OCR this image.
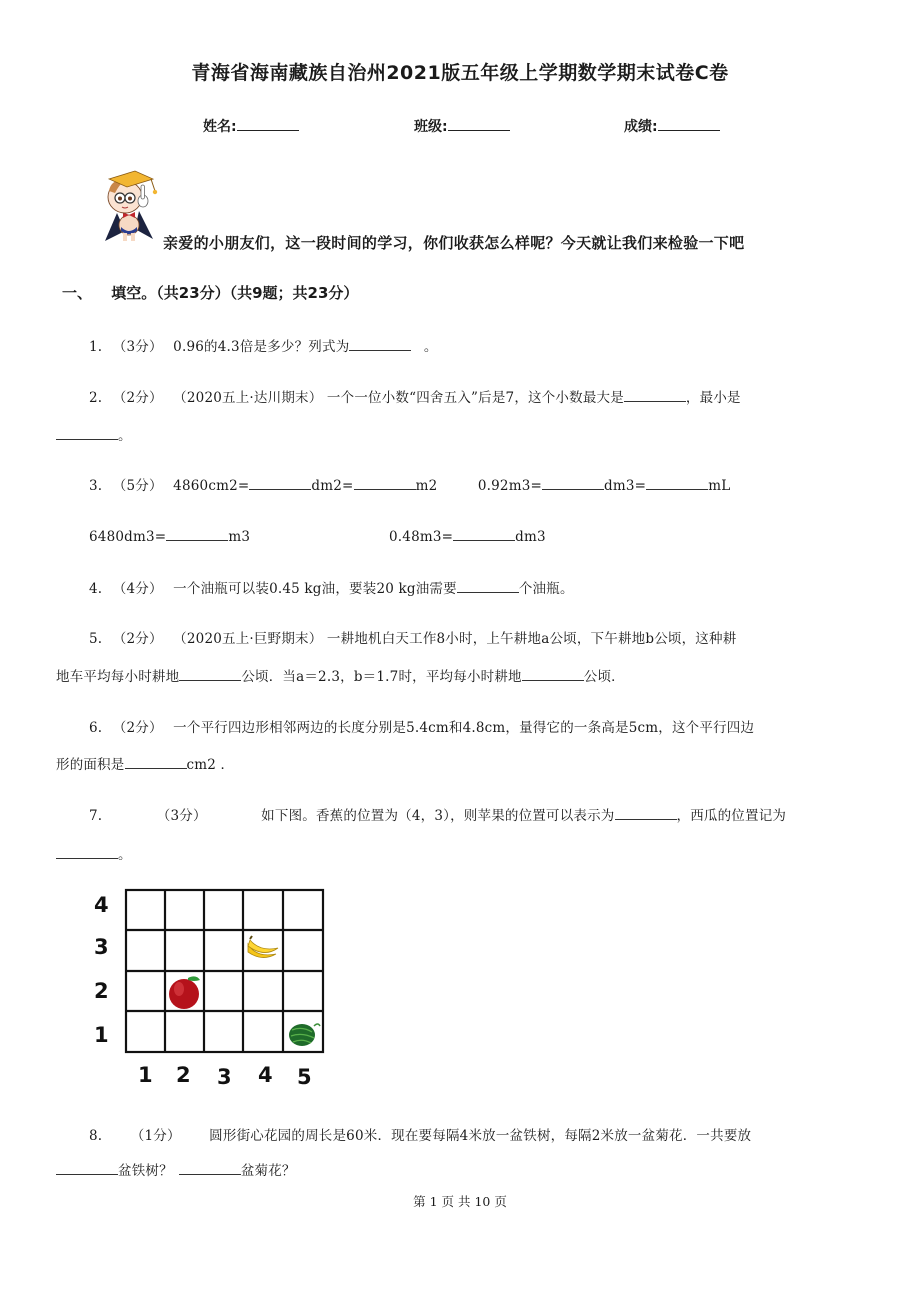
青海省海南藏族自治州2021版五年级上学期数学期末试卷C卷
姓名:	班级:	成绩:
亲爱的小朋友们，这一段时间的学习，你们收获怎么样呢？今天就让我们来检验一下吧
一、 填空。（共23分）（共9题；共23分）
1. （3分） 0.96的4.3倍是多少？列式为	。
2. （2分） （2020五上·达川期末） 一个一位小数“四舍五入”后是7，这个小数最大是	，最小是
。
3. （5分） 4860cm2=	dm2=	m2	0.92m3=	dm3=	mL
6480dm3=	m3	0.48m3=	dm3
4. （4分） 一个油瓶可以装0.45 kg油，要装20 kg油需要	个油瓶。
5. （2分） （2020五上·巨野期末） 一耕地机白天工作8小时，上午耕地a公顷，下午耕地b公顷，这种耕
地车平均每小时耕地	公顷．当a＝2.3，b＝1.7时，平均每小时耕地	公顷．
6. （2分） 一个平行四边形相邻两边的长度分别是5.4cm和4.8cm，量得它的一条高是5cm，这个平行四边
形的面积是	cm2 ．
7.	（3分）	如下图。香蕉的位置为（4，3），则苹果的位置可以表示为	，西瓜的位置记为
。
4
3
2
1
1 2 3 4 5
8. （1分） 圆形街心花园的周长是60米．现在要每隔4米放一盆铁树，每隔2米放一盆菊花．一共要放
盆铁树？	盆菊花？
第 1 页 共 10 页
